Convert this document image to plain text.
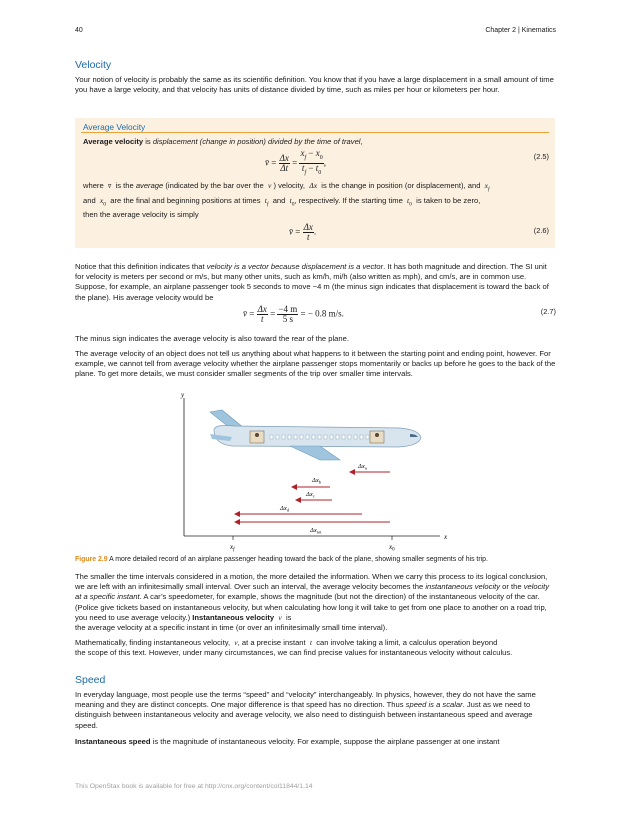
40	Chapter 2 | Kinematics
Velocity

Your notion of velocity is probably the same as its scientific definition. You know that if you have a large displacement in a small amount of time you have a large velocity, and that velocity has units of distance divided by time, such as miles per hour or kilometers per hour.

Average Velocity

Average velocity is displacement (change in position) divided by the time of travel,

v̄ = $\frac{\Delta x}{\Delta t} = \frac{x_f - x_0}{t_f - t_0}$ ,
(2.5)

where v̄ is the average (indicated by the bar over the v ) velocity, Δx is the change in position (or displacement), and $x_f$

and $x_0$ are the final and beginning positions at times $t_f$ and $t_0$, respectively. If the starting time $t_0$ is taken to be zero,

then the average velocity is simply

v̄ = $\frac{\Delta x}{t}$ .	(2.6)

Notice that this definition indicates that velocity is a vector because displacement is a vector. It has both magnitude and direction. The SI unit for velocity is meters per second or m/s, but many other units, such as km/h, mi/h (also written as mph), and cm/s, are in common use. Suppose, for example, an airplane passenger took 5 seconds to move −4 m (the minus sign indicates that displacement is toward the back of the plane). His average velocity would be

v̄ = $\frac{\Delta x}{t} = \frac{-4 m}{5 s}$ = − 0.8 m/s.	(2.7)

The minus sign indicates the average velocity is also toward the rear of the plane.

The average velocity of an object does not tell us anything about what happens to it between the starting point and ending point, however. For example, we cannot tell from average velocity whether the airplane passenger stops momentarily or backs up before he goes to the back of the plane. To get more details, we must consider smaller segments of the trip over smaller time intervals.

y
x
$x_f$	$x_0$
$\Delta x_a$
$\Delta x_b$
$\Delta x_c$
$\Delta x_d$
$\Delta x_{tot}$

Figure 2.9 A more detailed record of an airplane passenger heading toward the back of the plane, showing smaller segments of his trip.

The smaller the time intervals considered in a motion, the more detailed the information. When we carry this process to its logical conclusion, we are left with an infinitesimally small interval. Over such an interval, the average velocity becomes the instantaneous velocity or the velocity at a specific instant. A car’s speedometer, for example, shows the magnitude (but not the direction) of the instantaneous velocity of the car. (Police give tickets based on instantaneous velocity, but when calculating how long it will take to get from one place to another on a road trip, you need to use average velocity.) Instantaneous velocity v  is
the average velocity at a specific instant in time (or over an infinitesimally small time interval).

Mathematically, finding instantaneous velocity, v, at a precise instant t can involve taking a limit, a calculus operation beyond
the scope of this text. However, under many circumstances, we can find precise values for instantaneous velocity without calculus.

Speed

In everyday language, most people use the terms “speed” and “velocity” interchangeably. In physics, however, they do not have the same meaning and they are distinct concepts. One major difference is that speed has no direction. Thus speed is a scalar. Just as we need to distinguish between instantaneous velocity and average velocity, we also need to distinguish between instantaneous speed and average speed.

Instantaneous speed is the magnitude of instantaneous velocity. For example, suppose the airplane passenger at one instant

This OpenStax book is available for free at http://cnx.org/content/col11844/1.14
